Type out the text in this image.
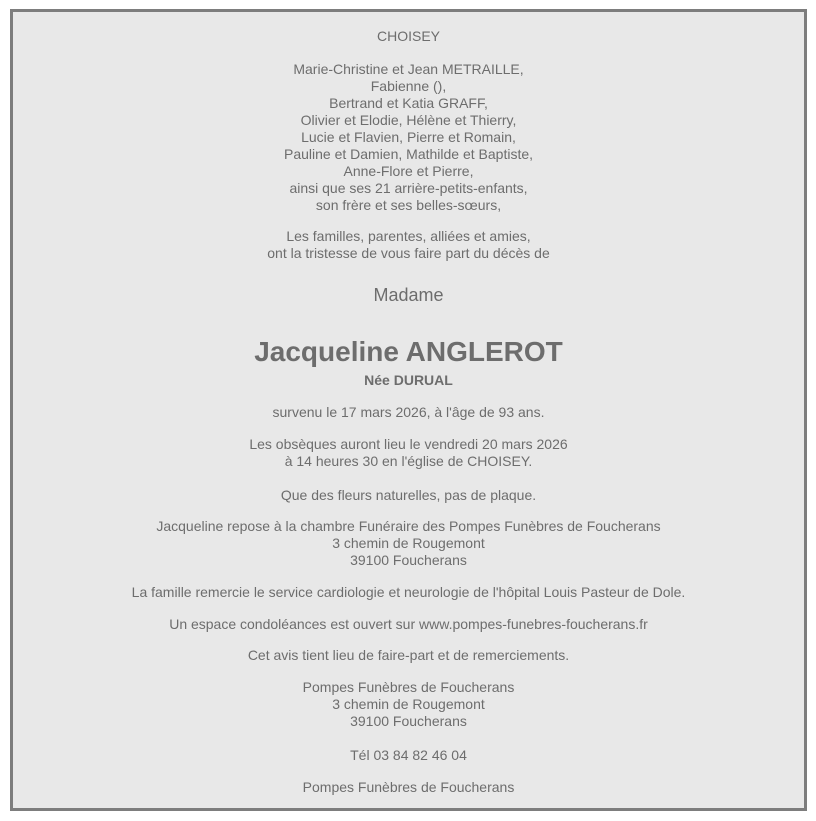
CHOISEY
Marie-Christine et Jean METRAILLE,
Fabienne (),
Bertrand et Katia GRAFF,
Olivier et Elodie, Hélène et Thierry,
Lucie et Flavien, Pierre et Romain,
Pauline et Damien, Mathilde et Baptiste,
Anne-Flore et Pierre,
ainsi que ses 21 arrière-petits-enfants,
son frère et ses belles-sœurs,
Les familles, parentes, alliées et amies,
ont la tristesse de vous faire part du décès de
Madame
Jacqueline ANGLEROT
Née DURUAL
survenu le 17 mars 2026, à l'âge de 93 ans.
Les obsèques auront lieu le vendredi 20 mars 2026
à 14 heures 30 en l'église de CHOISEY.
Que des fleurs naturelles, pas de plaque.
Jacqueline repose à la chambre Funéraire des Pompes Funèbres de Foucherans
3 chemin de Rougemont
39100 Foucherans
La famille remercie le service cardiologie et neurologie de l'hôpital Louis Pasteur de Dole.
Un espace condoléances est ouvert sur www.pompes-funebres-foucherans.fr
Cet avis tient lieu de faire-part et de remerciements.
Pompes Funèbres de Foucherans
3 chemin de Rougemont
39100 Foucherans
Tél 03 84 82 46 04
Pompes Funèbres de Foucherans
